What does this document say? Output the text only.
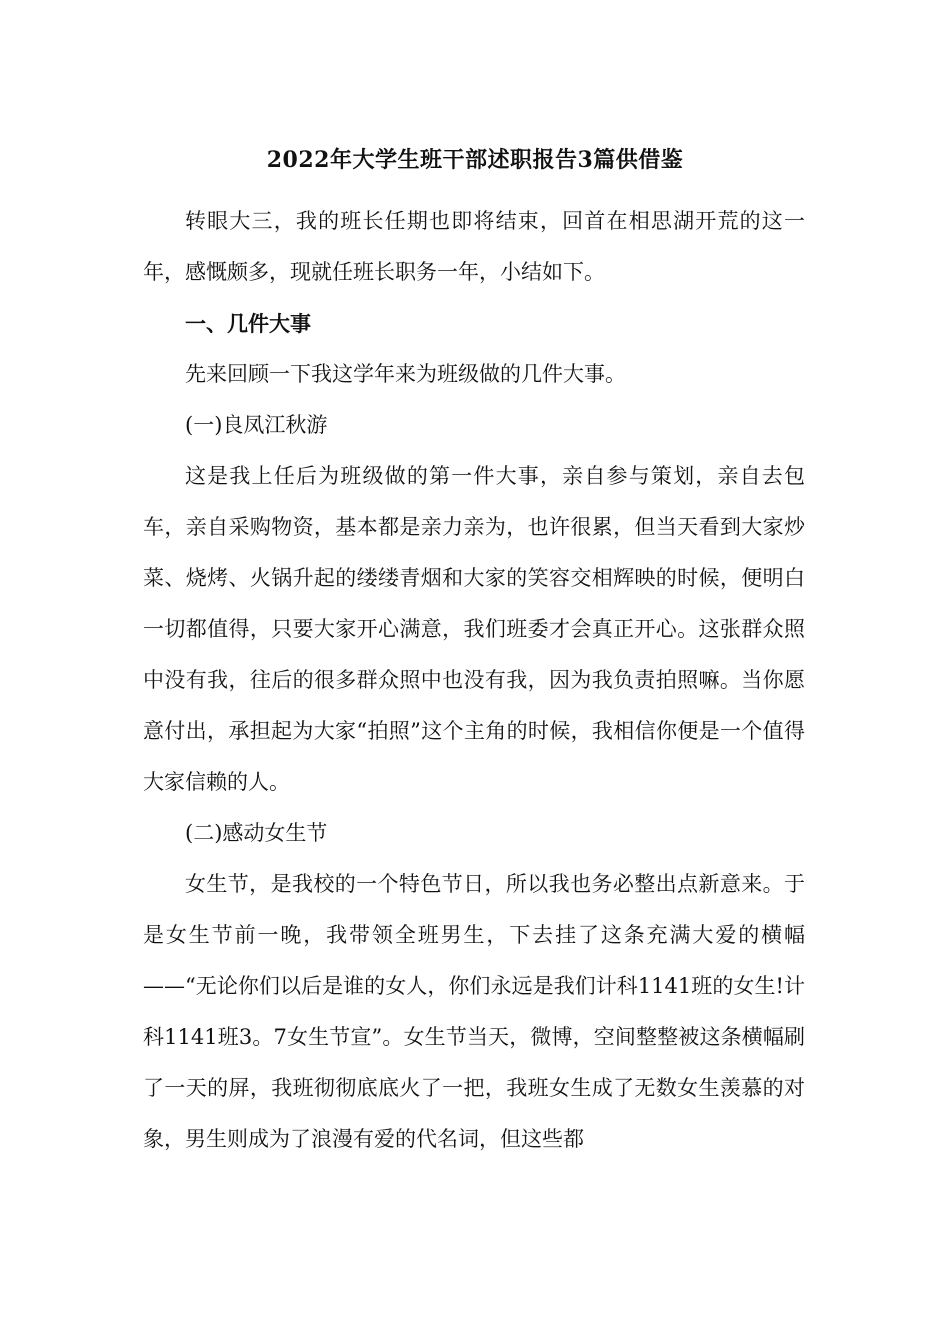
2022年大学生班干部述职报告3篇供借鉴

转眼大三，我的班长任期也即将结束，回首在相思湖开荒的这一年，感慨颇多，现就任班长职务一年，小结如下。

一、几件大事

先来回顾一下我这学年来为班级做的几件大事。

(一)良凤江秋游

这是我上任后为班级做的第一件大事，亲自参与策划，亲自去包车，亲自采购物资，基本都是亲力亲为，也许很累，但当天看到大家炒菜、烧烤、火锅升起的缕缕青烟和大家的笑容交相辉映的时候，便明白一切都值得，只要大家开心满意，我们班委才会真正开心。这张群众照中没有我，往后的很多群众照中也没有我，因为我负责拍照嘛。当你愿意付出，承担起为大家“拍照”这个主角的时候，我相信你便是一个值得大家信赖的人。

(二)感动女生节

女生节，是我校的一个特色节日，所以我也务必整出点新意来。于是女生节前一晚，我带领全班男生，下去挂了这条充满大爱的横幅——“无论你们以后是谁的女人，你们永远是我们计科1141班的女生!计科1141班3。7女生节宣”。女生节当天，微博，空间整整被这条横幅刷了一天的屏，我班彻彻底底火了一把，我班女生成了无数女生羡慕的对象，男生则成为了浪漫有爱的代名词，但这些都
